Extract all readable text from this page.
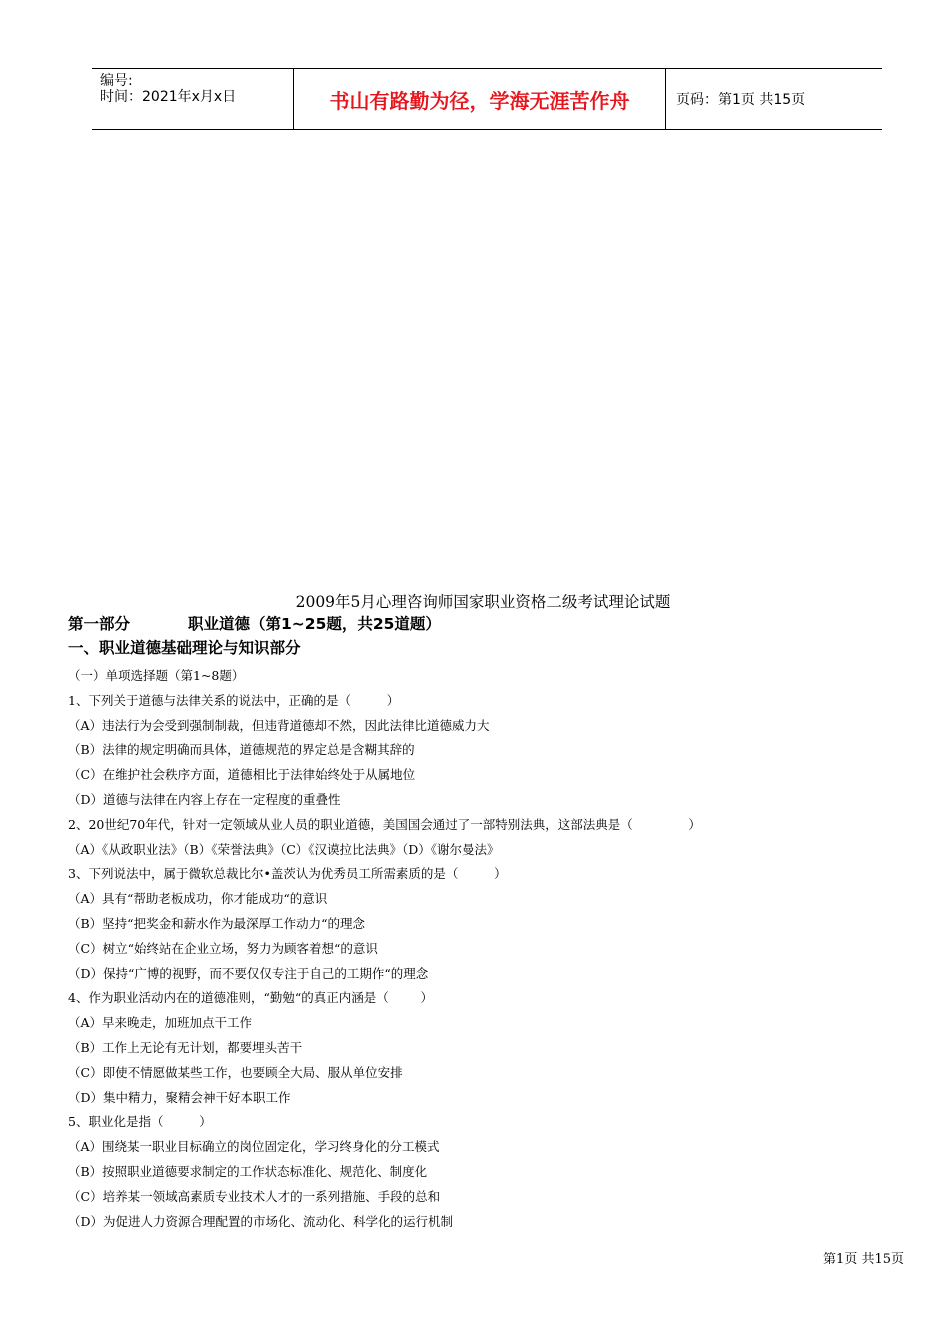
编号:
时间：2021年x月x日	书山有路勤为径，学海无涯苦作舟	页码：第1页 共15页
2009年5月心理咨询师国家职业资格二级考试理论试题
第一部分	职业道德（第1~25题，共25道题）
一、职业道德基础理论与知识部分
（一）单项选择题（第1~8题）
1、下列关于道德与法律关系的说法中，正确的是（         ）
（A）违法行为会受到强制制裁，但违背道德却不然，因此法律比道德威力大
（B）法律的规定明确而具体，道德规范的界定总是含糊其辞的
（C）在维护社会秩序方面，道德相比于法律始终处于从属地位
（D）道德与法律在内容上存在一定程度的重叠性
2、20世纪70年代，针对一定领域从业人员的职业道德，美国国会通过了一部特别法典，这部法典是（              ）
（A）《从政职业法》（B）《荣誉法典》（C）《汉谟拉比法典》（D）《谢尔曼法》
3、下列说法中，属于微软总裁比尔•盖茨认为优秀员工所需素质的是（         ）
（A）具有“帮助老板成功，你才能成功“的意识
（B）坚持“把奖金和薪水作为最深厚工作动力“的理念
（C）树立“始终站在企业立场，努力为顾客着想“的意识
（D）保持“广博的视野，而不要仅仅专注于自己的工期作“的理念
4、作为职业活动内在的道德准则，“勤勉“的真正内涵是（        ）
（A）早来晚走，加班加点干工作
（B）工作上无论有无计划，都要埋头苦干
（C）即使不情愿做某些工作，也要顾全大局、服从单位安排
（D）集中精力，聚精会神干好本职工作
5、职业化是指（         ）
（A）围绕某一职业目标确立的岗位固定化，学习终身化的分工模式
（B）按照职业道德要求制定的工作状态标准化、规范化、制度化
（C）培养某一领域高素质专业技术人才的一系列措施、手段的总和
（D）为促进人力资源合理配置的市场化、流动化、科学化的运行机制
第1页 共15页
